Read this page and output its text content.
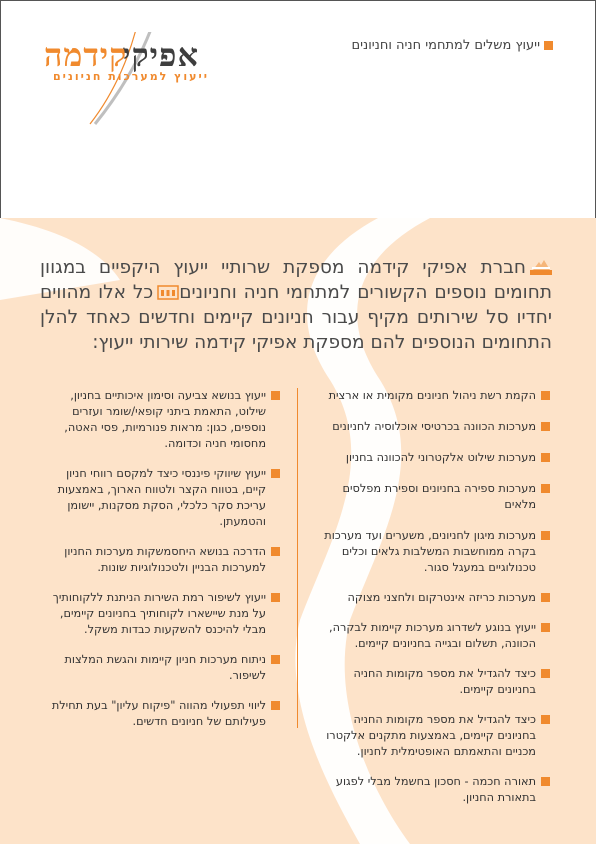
אפיקי
קידמה
ייעוץ למערכות חניונים
ייעוץ משלים למתחמי חניה וחניונים
חברת אפיקי קידמה מספקת שרותיי ייעוץ היקפיים במגוון תחומים נוספים הקשורים למתחמי חניה וחניוניםכל אלו מהווים יחדיו סל שירותים מקיף עבור חניונים קיימים וחדשים כאחד להלן התחומים הנוספים להם מספקת אפיקי קידמה שירותי ייעוץ:
הקמת רשת ניהול חניונים מקומית או ארצית
מערכות הכוונה בכרטיסי אוכלוסיה לחניונים
מערכות שילוט אלקטרוני להכוונה בחניון
מערכות ספירה בחניונים וספירת מפלסים מלאים
מערכות מיגון לחניונים, משערים ועד מערכות בקרה ממוחשבות המשלבות גלאים וכלים טכנולוגיים במעגל סגור.
מערכות כריזה אינטרקום ולחצני מצוקה
ייעוץ בנוגע לשדרוג מערכות קיימות לבקרה, הכוונה, תשלום ובגייה בחניונים קיימים.
כיצד להגדיל את מספר מקומות החניה בחניונים קיימים.
כיצד להגדיל את מספר מקומות החניה בחניונים קיימים, באמצעות מתקנים אלקטרו מכניים והתאמתם האופטימלית לחניון.
תאורה חכמה - חסכון בחשמל מבלי לפגוע בתאורת החניון.
ייעוץ בנושא צביעה וסימון איכותיים בחניון, שילוט, התאמת ביתני קופאי/שומר ועזרים נוספים, כגון: מראות פנורמיות, פסי האטה, מחסומי חניה וכדומה.
ייעוץ שיווקי פיננסי כיצד למקסם רווחי חניון קיים, בטווח הקצר ולטווח הארוך, באמצעות עריכת סקר כלכלי, הסקת מסקנות, יישומן והטמעתן.
הדרכה בנושא היחסמשקות מערכות החניון למערכות הבניין ולטכנולוגיות שונות.
ייעוץ לשיפור רמת השירות הניתנת ללקוחותיך על מנת שיישארו לקוחותיך בחניונים קיימים, מבלי להיכנס להשקעות כבדות משקל.
ניתוח מערכות חניון קיימות והגשת המלצות לשיפור.
ליווי תפעולי מהווה "פיקוח עליון" בעת תחילת פעילותם של חניונים חדשים.
